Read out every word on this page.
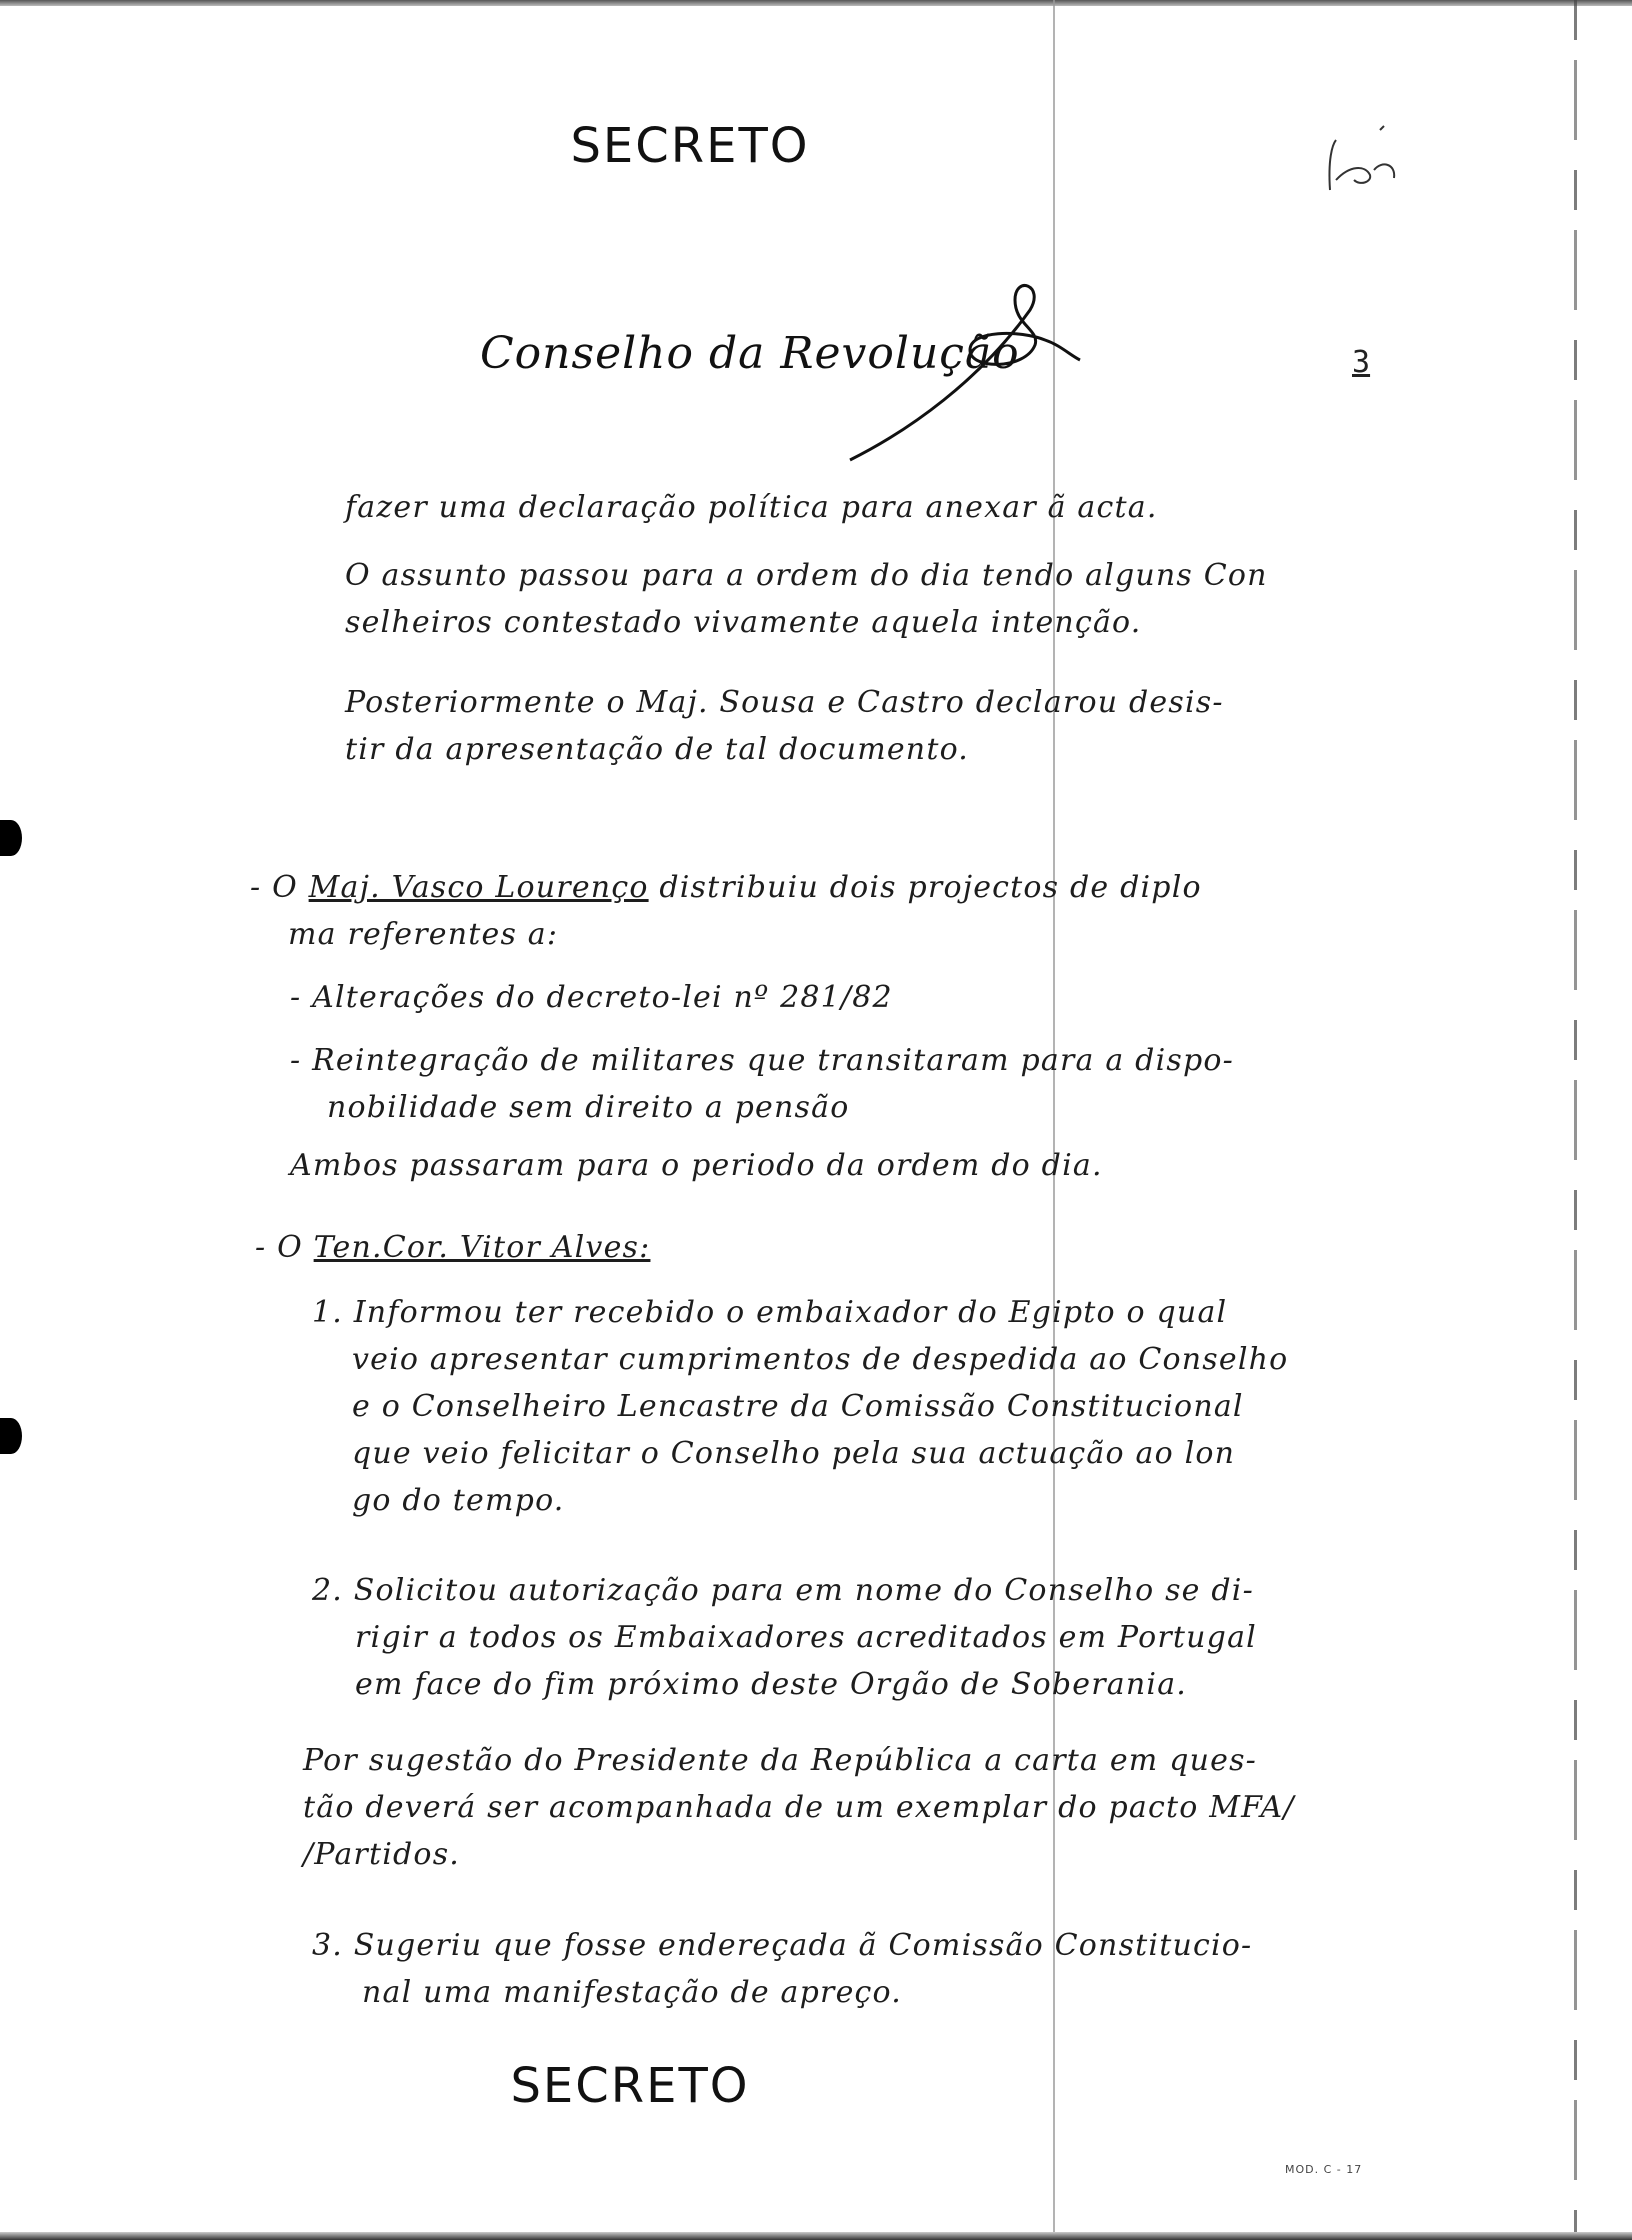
SECRETO
Conselho da Revolução	3
fazer uma declaração política para anexar ã acta.
O assunto passou para a ordem do dia tendo alguns Con
selheiros contestado vivamente aquela intenção.
Posteriormente o Maj. Sousa e Castro declarou desis-
tir da apresentação de tal documento.
- O Maj. Vasco Lourenço distribuiu dois projectos de diplo
ma referentes a:
- Alterações do decreto-lei nº 281/82
- Reintegração de militares que transitaram para a dispo-
nobilidade sem direito a pensão
Ambos passaram para o periodo da ordem do dia.
- O Ten.Cor. Vitor Alves:
1. Informou ter recebido o embaixador do Egipto o qual
veio apresentar cumprimentos de despedida ao Conselho
e o Conselheiro Lencastre da Comissão Constitucional
que veio felicitar o Conselho pela sua actuação ao lon
go do tempo.
2. Solicitou autorização para em nome do Conselho se di-
rigir a todos os Embaixadores acreditados em Portugal
em face do fim próximo deste Orgão de Soberania.
Por sugestão do Presidente da República a carta em ques-
tão deverá ser acompanhada de um exemplar do pacto MFA/
/Partidos.
3. Sugeriu que fosse endereçada ã Comissão Constitucio-
nal uma manifestação de apreço.
SECRETO
MOD. C - 17
